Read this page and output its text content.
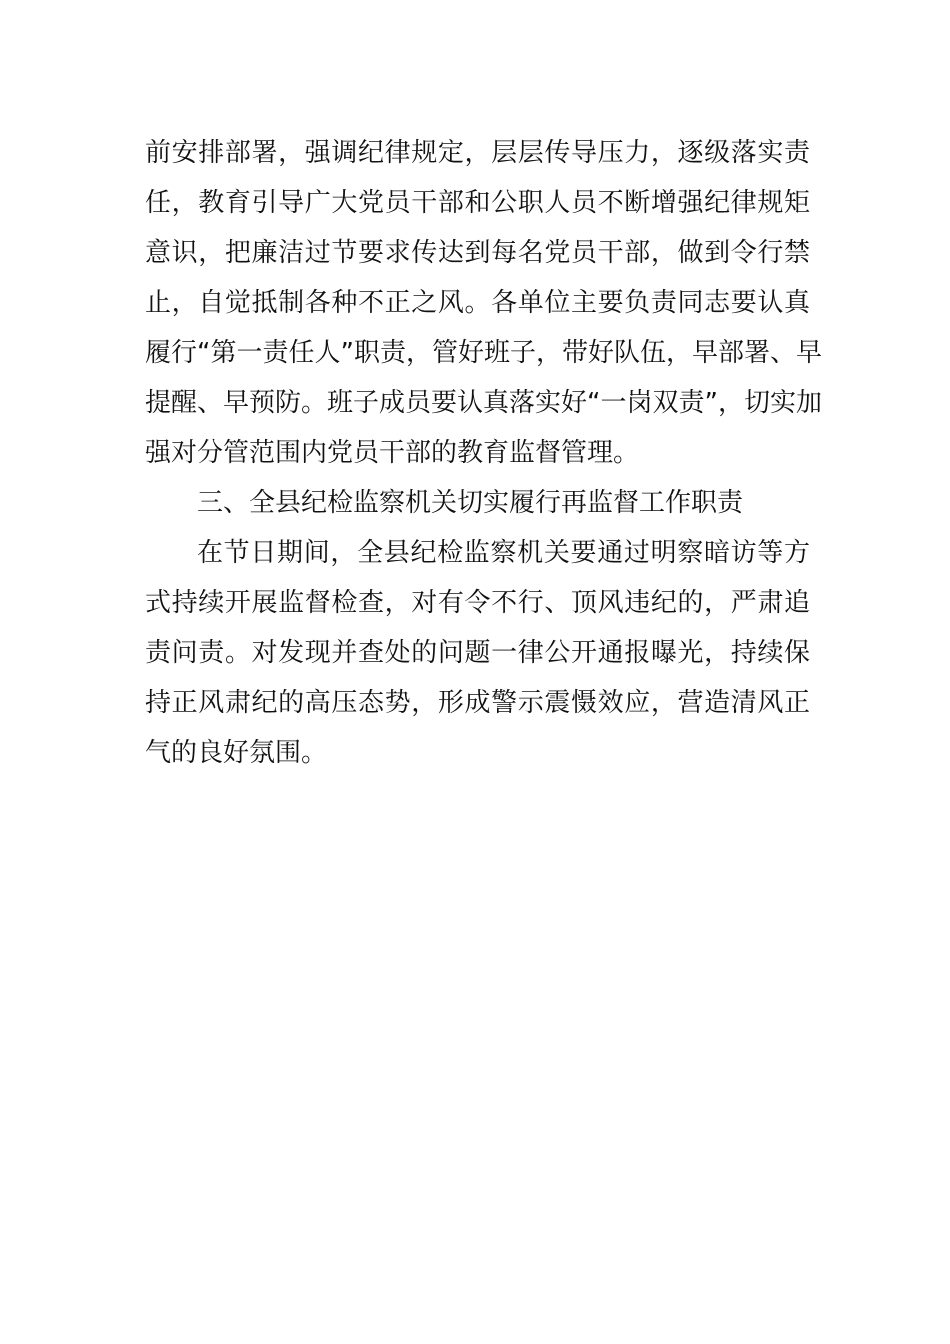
前安排部署，强调纪律规定，层层传导压力，逐级落实责
任，教育引导广大党员干部和公职人员不断增强纪律规矩
意识，把廉洁过节要求传达到每名党员干部，做到令行禁
止，自觉抵制各种不正之风。各单位主要负责同志要认真
履行“第一责任人”职责，管好班子，带好队伍，早部署、早
提醒、早预防。班子成员要认真落实好“一岗双责”，切实加
强对分管范围内党员干部的教育监督管理。
三、全县纪检监察机关切实履行再监督工作职责
在节日期间，全县纪检监察机关要通过明察暗访等方
式持续开展监督检查，对有令不行、顶风违纪的，严肃追
责问责。对发现并查处的问题一律公开通报曝光，持续保
持正风肃纪的高压态势，形成警示震慑效应，营造清风正
气的良好氛围。
